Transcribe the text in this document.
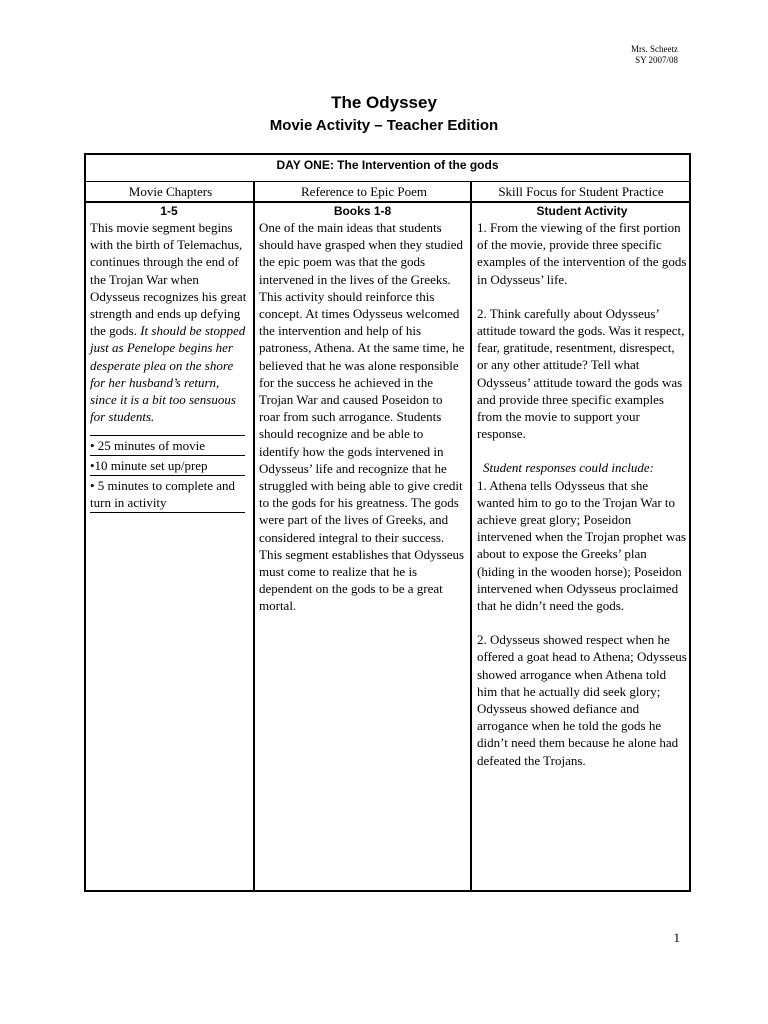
Mrs. Scheetz
SY 2007/08
The Odyssey
Movie Activity – Teacher Edition
DAY ONE: The Intervention of the gods
Movie Chapters	Reference to Epic Poem	Skill Focus for Student Practice
1-5

This movie segment begins with the birth of Telemachus, continues through the end of the Trojan War when Odysseus recognizes his great strength and ends up defying the gods. It should be stopped just as Penelope begins her desperate plea on the shore for her husband’s return, since it is a bit too sensuous for students.

• 25 minutes of movie
•10 minute set up/prep
• 5 minutes to complete and turn in activity
Books 1-8

One of the main ideas that students should have grasped when they studied the epic poem was that the gods intervened in the lives of the Greeks. This activity should reinforce this concept. At times Odysseus welcomed the intervention and help of his patroness, Athena. At the same time, he believed that he was alone responsible for the success he achieved in the Trojan War and caused Poseidon to roar from such arrogance. Students should recognize and be able to identify how the gods intervened in Odysseus’ life and recognize that he struggled with being able to give credit to the gods for his greatness. The gods were part of the lives of Greeks, and considered integral to their success. This segment establishes that Odysseus must come to realize that he is dependent on the gods to be a great mortal.

Student Activity

1. From the viewing of the first portion of the movie, provide three specific examples of the intervention of the gods in Odysseus’ life.

2. Think carefully about Odysseus’ attitude toward the gods. Was it respect, fear, gratitude, resentment, disrespect, or any other attitude? Tell what Odysseus’ attitude toward the gods was and provide three specific examples from the movie to support your response.

Student responses could include:

1. Athena tells Odysseus that she wanted him to go to the Trojan War to achieve great glory; Poseidon intervened when the Trojan prophet was about to expose the Greeks’ plan (hiding in the wooden horse); Poseidon intervened when Odysseus proclaimed that he didn’t need the gods.

2. Odysseus showed respect when he offered a goat head to Athena; Odysseus showed arrogance when Athena told him that he actually did seek glory; Odysseus showed defiance and arrogance when he told the gods he didn’t need them because he alone had defeated the Trojans.

1
